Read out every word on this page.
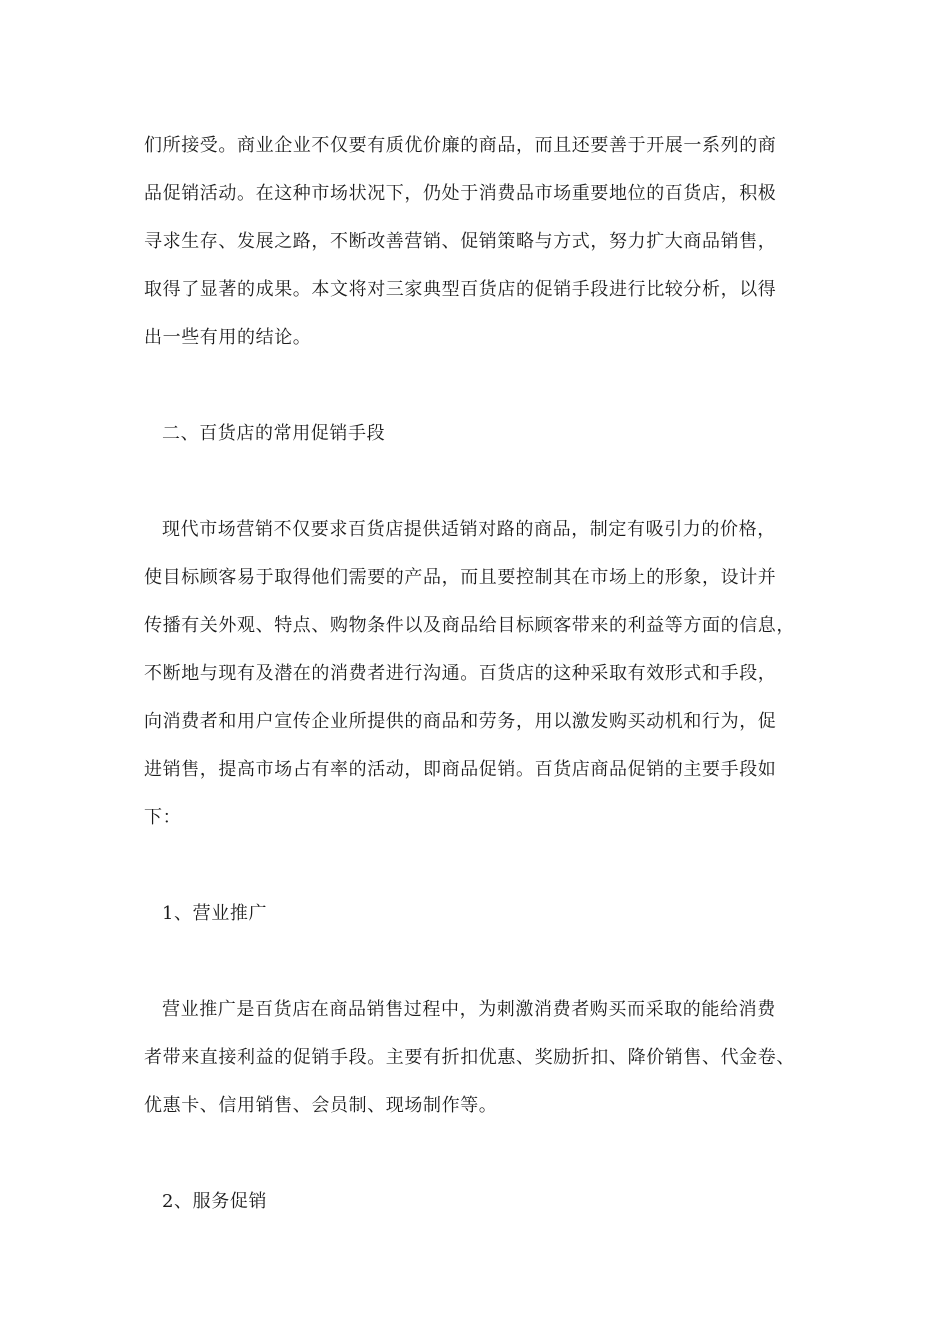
们所接受。商业企业不仅要有质优价廉的商品，而且还要善于开展一系列的商
品促销活动。在这种市场状况下，仍处于消费品市场重要地位的百货店，积极
寻求生存、发展之路，不断改善营销、促销策略与方式，努力扩大商品销售，
取得了显著的成果。本文将对三家典型百货店的促销手段进行比较分析，以得
出一些有用的结论。
二、百货店的常用促销手段
现代市场营销不仅要求百货店提供适销对路的商品，制定有吸引力的价格，
使目标顾客易于取得他们需要的产品，而且要控制其在市场上的形象，设计并
传播有关外观、特点、购物条件以及商品给目标顾客带来的利益等方面的信息，
不断地与现有及潜在的消费者进行沟通。百货店的这种采取有效形式和手段，
向消费者和用户宣传企业所提供的商品和劳务，用以激发购买动机和行为，促
进销售，提高市场占有率的活动，即商品促销。百货店商品促销的主要手段如
下：
1、营业推广
营业推广是百货店在商品销售过程中，为刺激消费者购买而采取的能给消费
者带来直接利益的促销手段。主要有折扣优惠、奖励折扣、降价销售、代金卷、
优惠卡、信用销售、会员制、现场制作等。
2、服务促销
